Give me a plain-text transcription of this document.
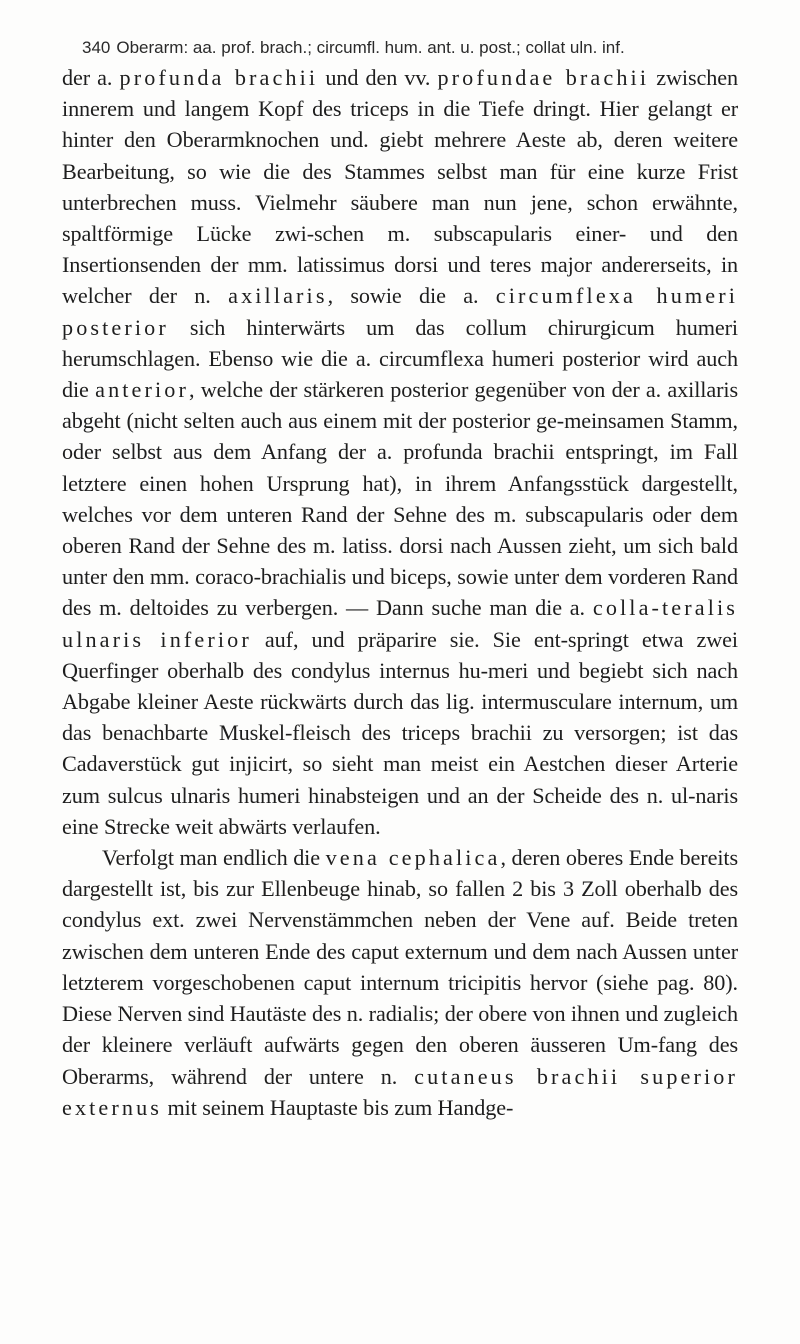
340 Oberarm: aa. prof. brach.; circumfl. hum. ant. u. post.; collat uln. inf.

der a. profunda brachii und den vv. profundae brachii zwischen innerem und langem Kopf des triceps in die Tiefe dringt. Hier gelangt er hinter den Oberarmknochen und. giebt mehrere Aeste ab, deren weitere Bearbeitung, so wie die des Stammes selbst man für eine kurze Frist unterbrechen muss. Vielmehr säubere man nun jene, schon erwähnte, spaltförmige Lücke zwi-schen m. subscapularis einer- und den Insertionsenden der mm. latissimus dorsi und teres major andererseits, in welcher der n. axillaris, sowie die a. circumflexa humeri posterior sich hinterwärts um das collum chirurgicum humeri herumschlagen. Ebenso wie die a. circumflexa humeri posterior wird auch die anterior, welche der stärkeren posterior gegenüber von der a. axillaris abgeht (nicht selten auch aus einem mit der posterior ge-meinsamen Stamm, oder selbst aus dem Anfang der a. profunda brachii entspringt, im Fall letztere einen hohen Ursprung hat), in ihrem Anfangsstück dargestellt, welches vor dem unteren Rand der Sehne des m. subscapularis oder dem oberen Rand der Sehne des m. latiss. dorsi nach Aussen zieht, um sich bald unter den mm. coraco-brachialis und biceps, sowie unter dem vorderen Rand des m. deltoides zu verbergen. — Dann suche man die a. colla-teralis ulnaris inferior auf, und präparire sie. Sie ent-springt etwa zwei Querfinger oberhalb des condylus internus hu-meri und begiebt sich nach Abgabe kleiner Aeste rückwärts durch das lig. intermusculare internum, um das benachbarte Muskel-fleisch des triceps brachii zu versorgen; ist das Cadaverstück gut injicirt, so sieht man meist ein Aestchen dieser Arterie zum sulcus ulnaris humeri hinabsteigen und an der Scheide des n. ul-naris eine Strecke weit abwärts verlaufen.

Verfolgt man endlich die vena cephalica, deren oberes Ende bereits dargestellt ist, bis zur Ellenbeuge hinab, so fallen 2 bis 3 Zoll oberhalb des condylus ext. zwei Nervenstämmchen neben der Vene auf. Beide treten zwischen dem unteren Ende des caput externum und dem nach Aussen unter letzterem vorgeschobenen caput internum tricipitis hervor (siehe pag. 80). Diese Nerven sind Hautäste des n. radialis; der obere von ihnen und zugleich der kleinere verläuft aufwärts gegen den oberen äusseren Um-fang des Oberarms, während der untere n. cutaneus brachii superior externus mit seinem Hauptaste bis zum Handge-
